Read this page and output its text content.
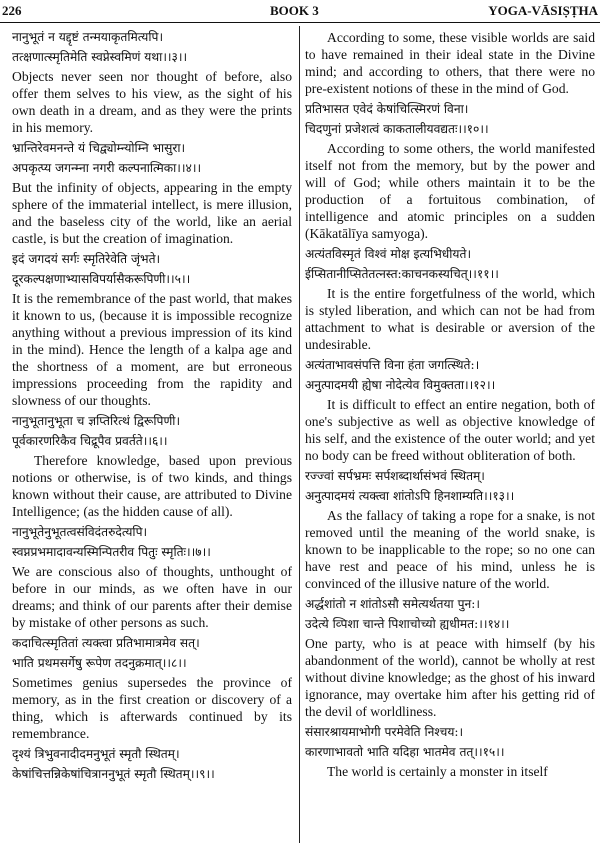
226	BOOK 3	YOGA-VĀSIṢṬHA

नानुभूतं न यद्दृष्टं तन्मयाकृतमित्यपि।

तत्क्षणात्स्मृतिमेति स्वप्नेस्वमिणं यथा।।३।।

Objects never seen nor thought of before, also offer them selves to his view, as the sight of his own death in a dream, and as they were the prints in his memory.

भ्रान्तिरेवमनन्ते यं चिद्व्योम्न्योम्नि भासुरा।

अपकृत्प्य जगन्म्ना नगरी कल्पनात्मिका।।४।।

But the infinity of objects, appearing in the empty sphere of the immaterial intellect, is mere illusion, and the baseless city of the world, like an aerial castle, is but the creation of imagination.

इदं जगदयं सर्गः स्मृतिरेवेति जृंभते।

दूरकल्पक्षणाभ्यासविपर्यासैकरूपिणी।।५।।

It is the remembrance of the past world, that makes it known to us, (because it is impossible recognize anything without a previous impression of its kind in the mind). Hence the length of a kalpa age and the shortness of a moment, are but erroneous impressions proceeding from the rapidity and slowness of our thoughts.

नानुभूतानुभूता च ज्ञप्तिरित्थं द्विरूपिणी।

पूर्वकारणरिकैव चिद्रूपैव प्रवर्तते।।६।।

Therefore knowledge, based upon previous notions or otherwise, is of two kinds, and things known without their cause, are attributed to Divine Intelligence; (as the hidden cause of all).

नानुभूतेनुभूतत्वसंविदंतरुदेत्यपि।

स्वप्नप्रभमादावन्यस्मिन्पितरीव पितुः स्मृतिः।।७।।

We are conscious also of thoughts, unthought of before in our minds, as we often have in our dreams; and think of our parents after their demise by mistake of other persons as such.

कदाचित्स्मृतितां त्यक्त्वा प्रतिभामात्रमेव सत्।

भाति प्रथमसर्गेषु रूपेण तदनुक्रमात्।।८।।

Sometimes genius supersedes the province of memory, as in the first creation or discovery of a thing, which is afterwards continued by its remembrance.

दृश्यं त्रिभुवनादीदमनुभूतं स्मृतौ स्थितम्।

केषांचित्तन्निकेषांचित्राननुभूतं स्मृतौ स्थितम्।।९।।

According to some, these visible worlds are said to have remained in their ideal state in the Divine mind; and according to others, that there were no pre-existent notions of these in the mind of God.

प्रतिभासत एवेदं केषांचित्स्मिरणं विना।

चिदणुनां प्रजेशत्वं काकतालीयवद्यतः।।१०।।

According to some others, the world manifested itself not from the memory, but by the power and will of God; while others maintain it to be the production of a fortuitous combination, of intelligence and atomic principles on a sudden (Kākatālīya samyoga).

अत्यंतविस्मृतं विश्वं मोक्ष इत्यभिधीयते।

ईप्सितानीप्सितेतत्नस्त:काचनकस्यचित्।।११।।

It is the entire forgetfulness of the world, which is styled liberation, and which can not be had from attachment to what is desirable or aversion of the undesirable.

अत्यंताभावसंपत्ति विना हंता जगत्स्थिते:।

अनुत्पादमयी ह्येषा नोदेत्येव विमुक्तता।।१२।।

It is difficult to effect an entire negation, both of one's subjective as well as objective knowledge of his self, and the existence of the outer world; and yet no body can be freed without obliteration of both.

रज्ज्वां सर्पभ्रमः सर्पशब्दार्थासंभवं स्थितम्।

अनुत्पादमयं त्यक्त्वा शांतोऽपि हिनशाम्यति।।१३।।

As the fallacy of taking a rope for a snake, is not removed until the meaning of the world snake, is known to be inapplicable to the rope; so no one can have rest and peace of his mind, unless he is convinced of the illusive nature of the world.

अर्द्धशांतो न शांतोऽसौ समेत्यर्थतया पुन:।

उदेत्ये व्पिशा चान्ते पिशाचोच्यो ह्यधीमत:।।१४।।

One party, who is at peace with himself (by his abandonment of the world), cannot be wholly at rest without divine knowledge; as the ghost of his inward ignorance, may overtake him after his getting rid of the devil of worldliness.

संसारश्रायमाभोगी परमेवेति निश्चय:।

कारणाभावतो भाति यदिहा भातमेव तत्।।१५।।

The world is certainly a monster in itself
